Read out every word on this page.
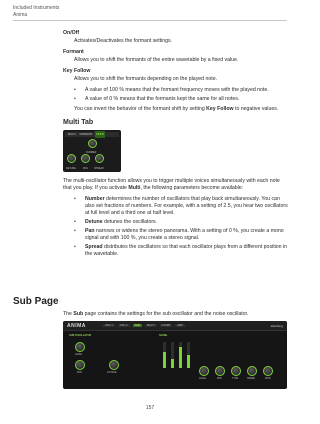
Included Instruments
Anima

On/Off

Activates/Deactivates the formant settings.

Formant

Allows you to shift the formants of the entire wavetable by a fixed value.

Key Follow

Allows you to shift the formants depending on the played note.

• A value of 100 % means that the formant frequency moves with the played note.
• A value of 0 % means that the formants kept the same for all notes.

You can invert the behavior of the formant shift by setting Key Follow to negative values.

Multi Tab
MULTI	FORMANT	MULTI
NUMBER
DETUNE	PAN	SPREAD

The multi-oscillator function allows you to trigger multiple voices simultaneously with each note that you play. If you activate Multi, the following parameters become available:

• Number determines the number of oscillators that play back simultaneously. You can also set fractions of numbers. For example, with a setting of 2.5, you hear two oscillators at full level and a third one at half level.
• Detune detunes the oscillators.
• Pan narrows or widens the stereo panorama. With a setting of 0 %, you create a mono signal and with 100 %, you create a stereo signal.
• Spread distributes the oscillators so that each oscillator plays from a different position in the wavetable.
Sub Page

The Sub page contains the settings for the sub oscillator and the noise oscillator.

ANIMA	OSC 1	OSC 2	SUB	MULTI	FILTER	AMP	steinberg
SUB OSCILLATOR
LEVEL
PAN	OCTAVE
NOISE
LEVEL	PAN	TYPE	SPEED	MOD
157
